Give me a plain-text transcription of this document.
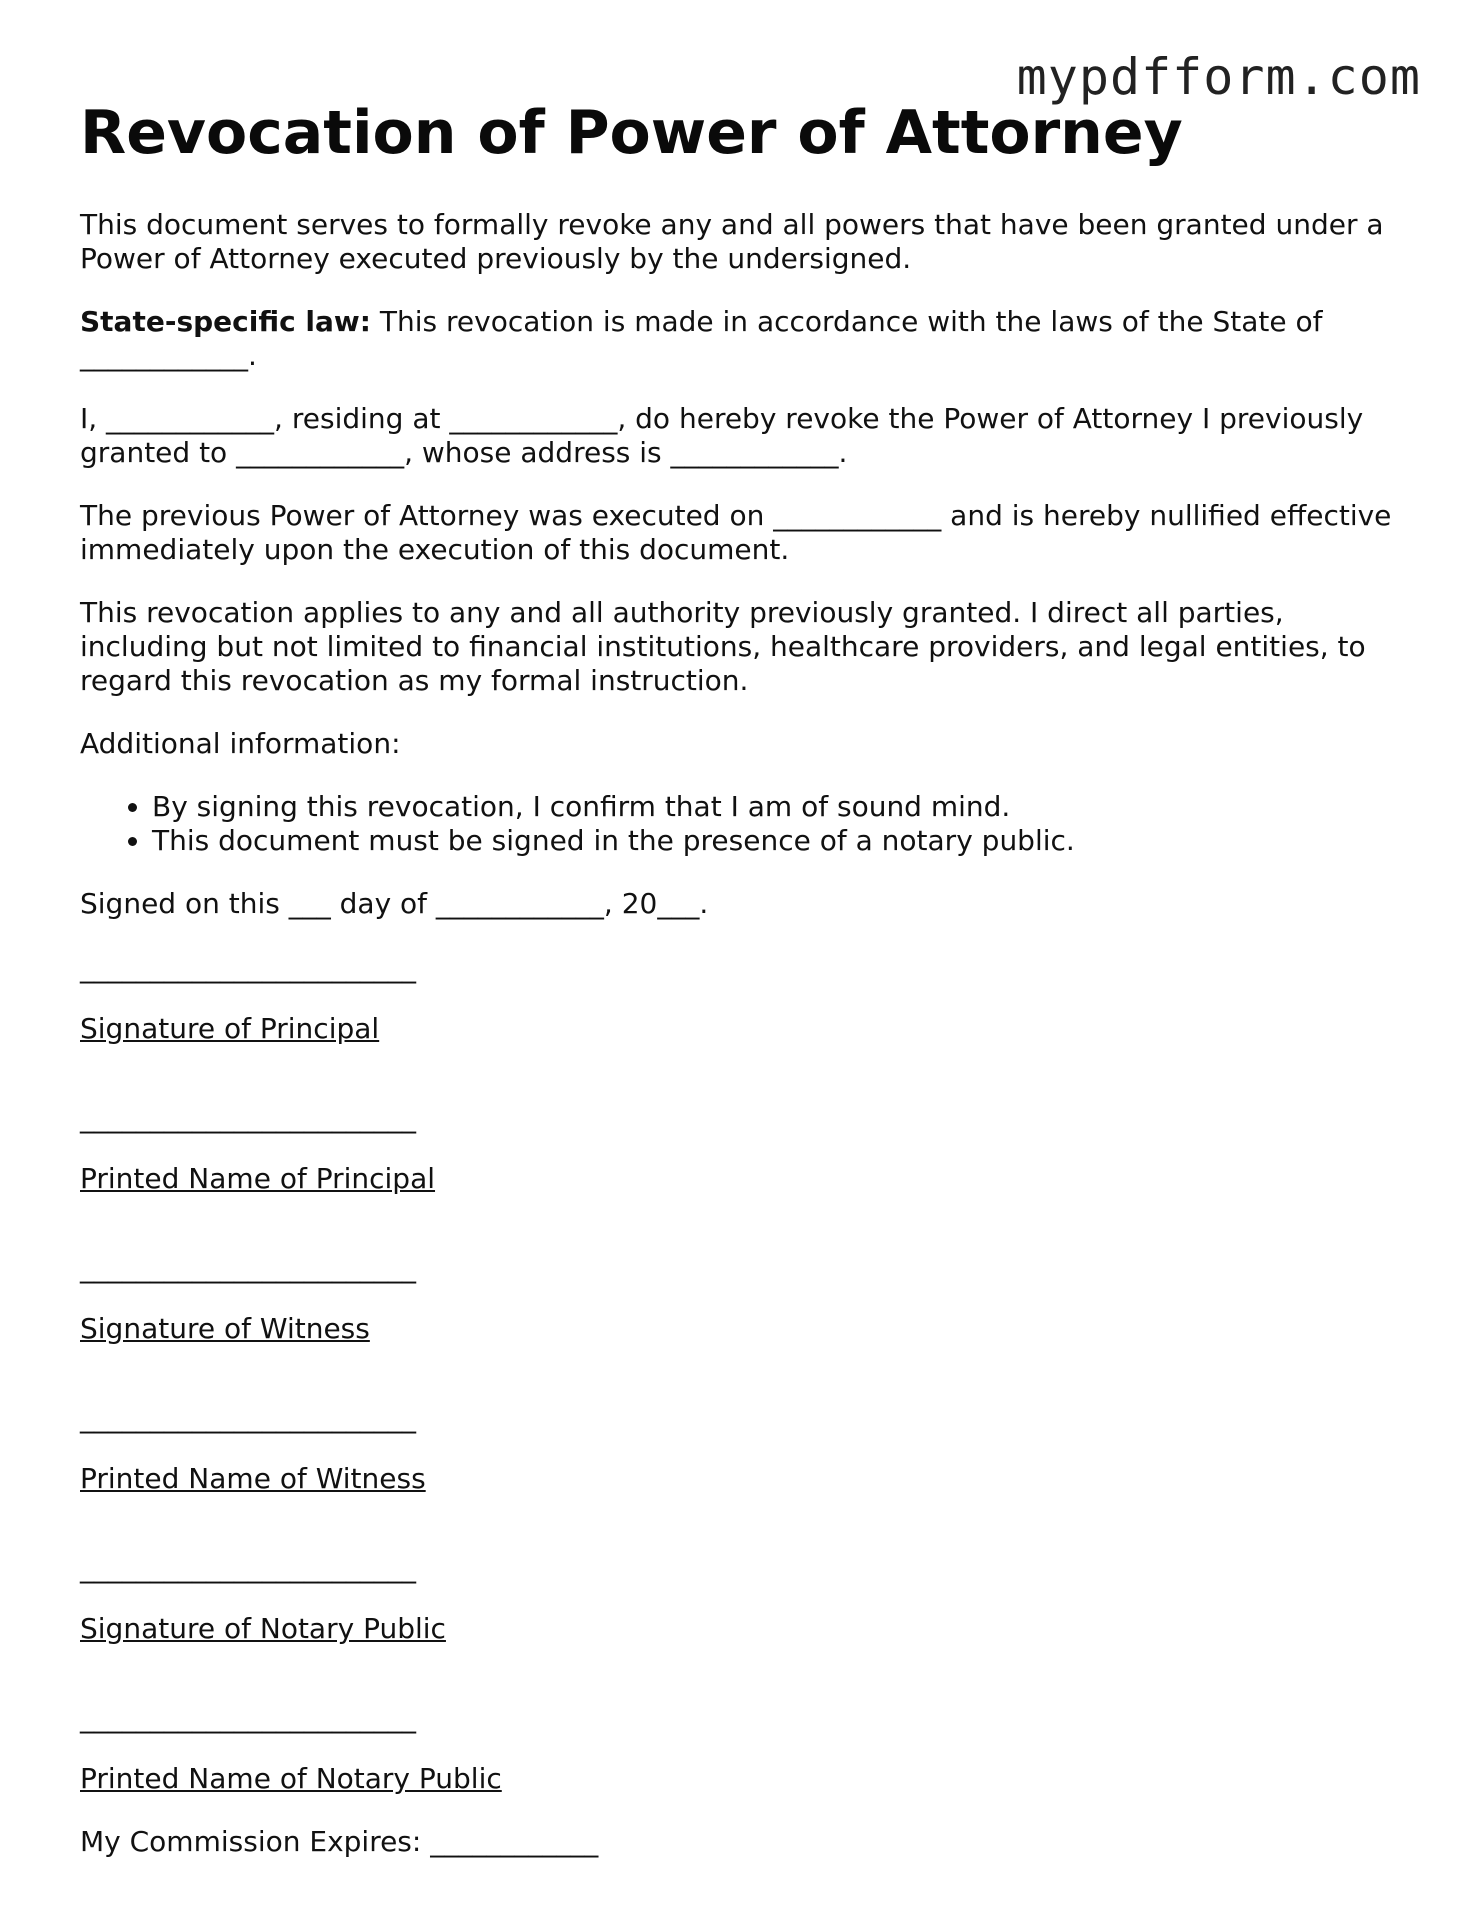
mypdfform.com
Revocation of Power of Attorney

This document serves to formally revoke any and all powers that have been granted under a Power of Attorney executed previously by the undersigned.

State-specific law: This revocation is made in accordance with the laws of the State of ____________.

I, ____________, residing at ____________, do hereby revoke the Power of Attorney I previously granted to ____________, whose address is ____________.

The previous Power of Attorney was executed on ____________ and is hereby nullified effective immediately upon the execution of this document.

This revocation applies to any and all authority previously granted. I direct all parties, including but not limited to financial institutions, healthcare providers, and legal entities, to regard this revocation as my formal instruction.

Additional information:

• By signing this revocation, I confirm that I am of sound mind.
• This document must be signed in the presence of a notary public.

Signed on this ___ day of ____________, 20___.

________________________
Signature of Principal
________________________
Printed Name of Principal
________________________
Signature of Witness
________________________
Printed Name of Witness
________________________
Signature of Notary Public
________________________
Printed Name of Notary Public

My Commission Expires: ____________
